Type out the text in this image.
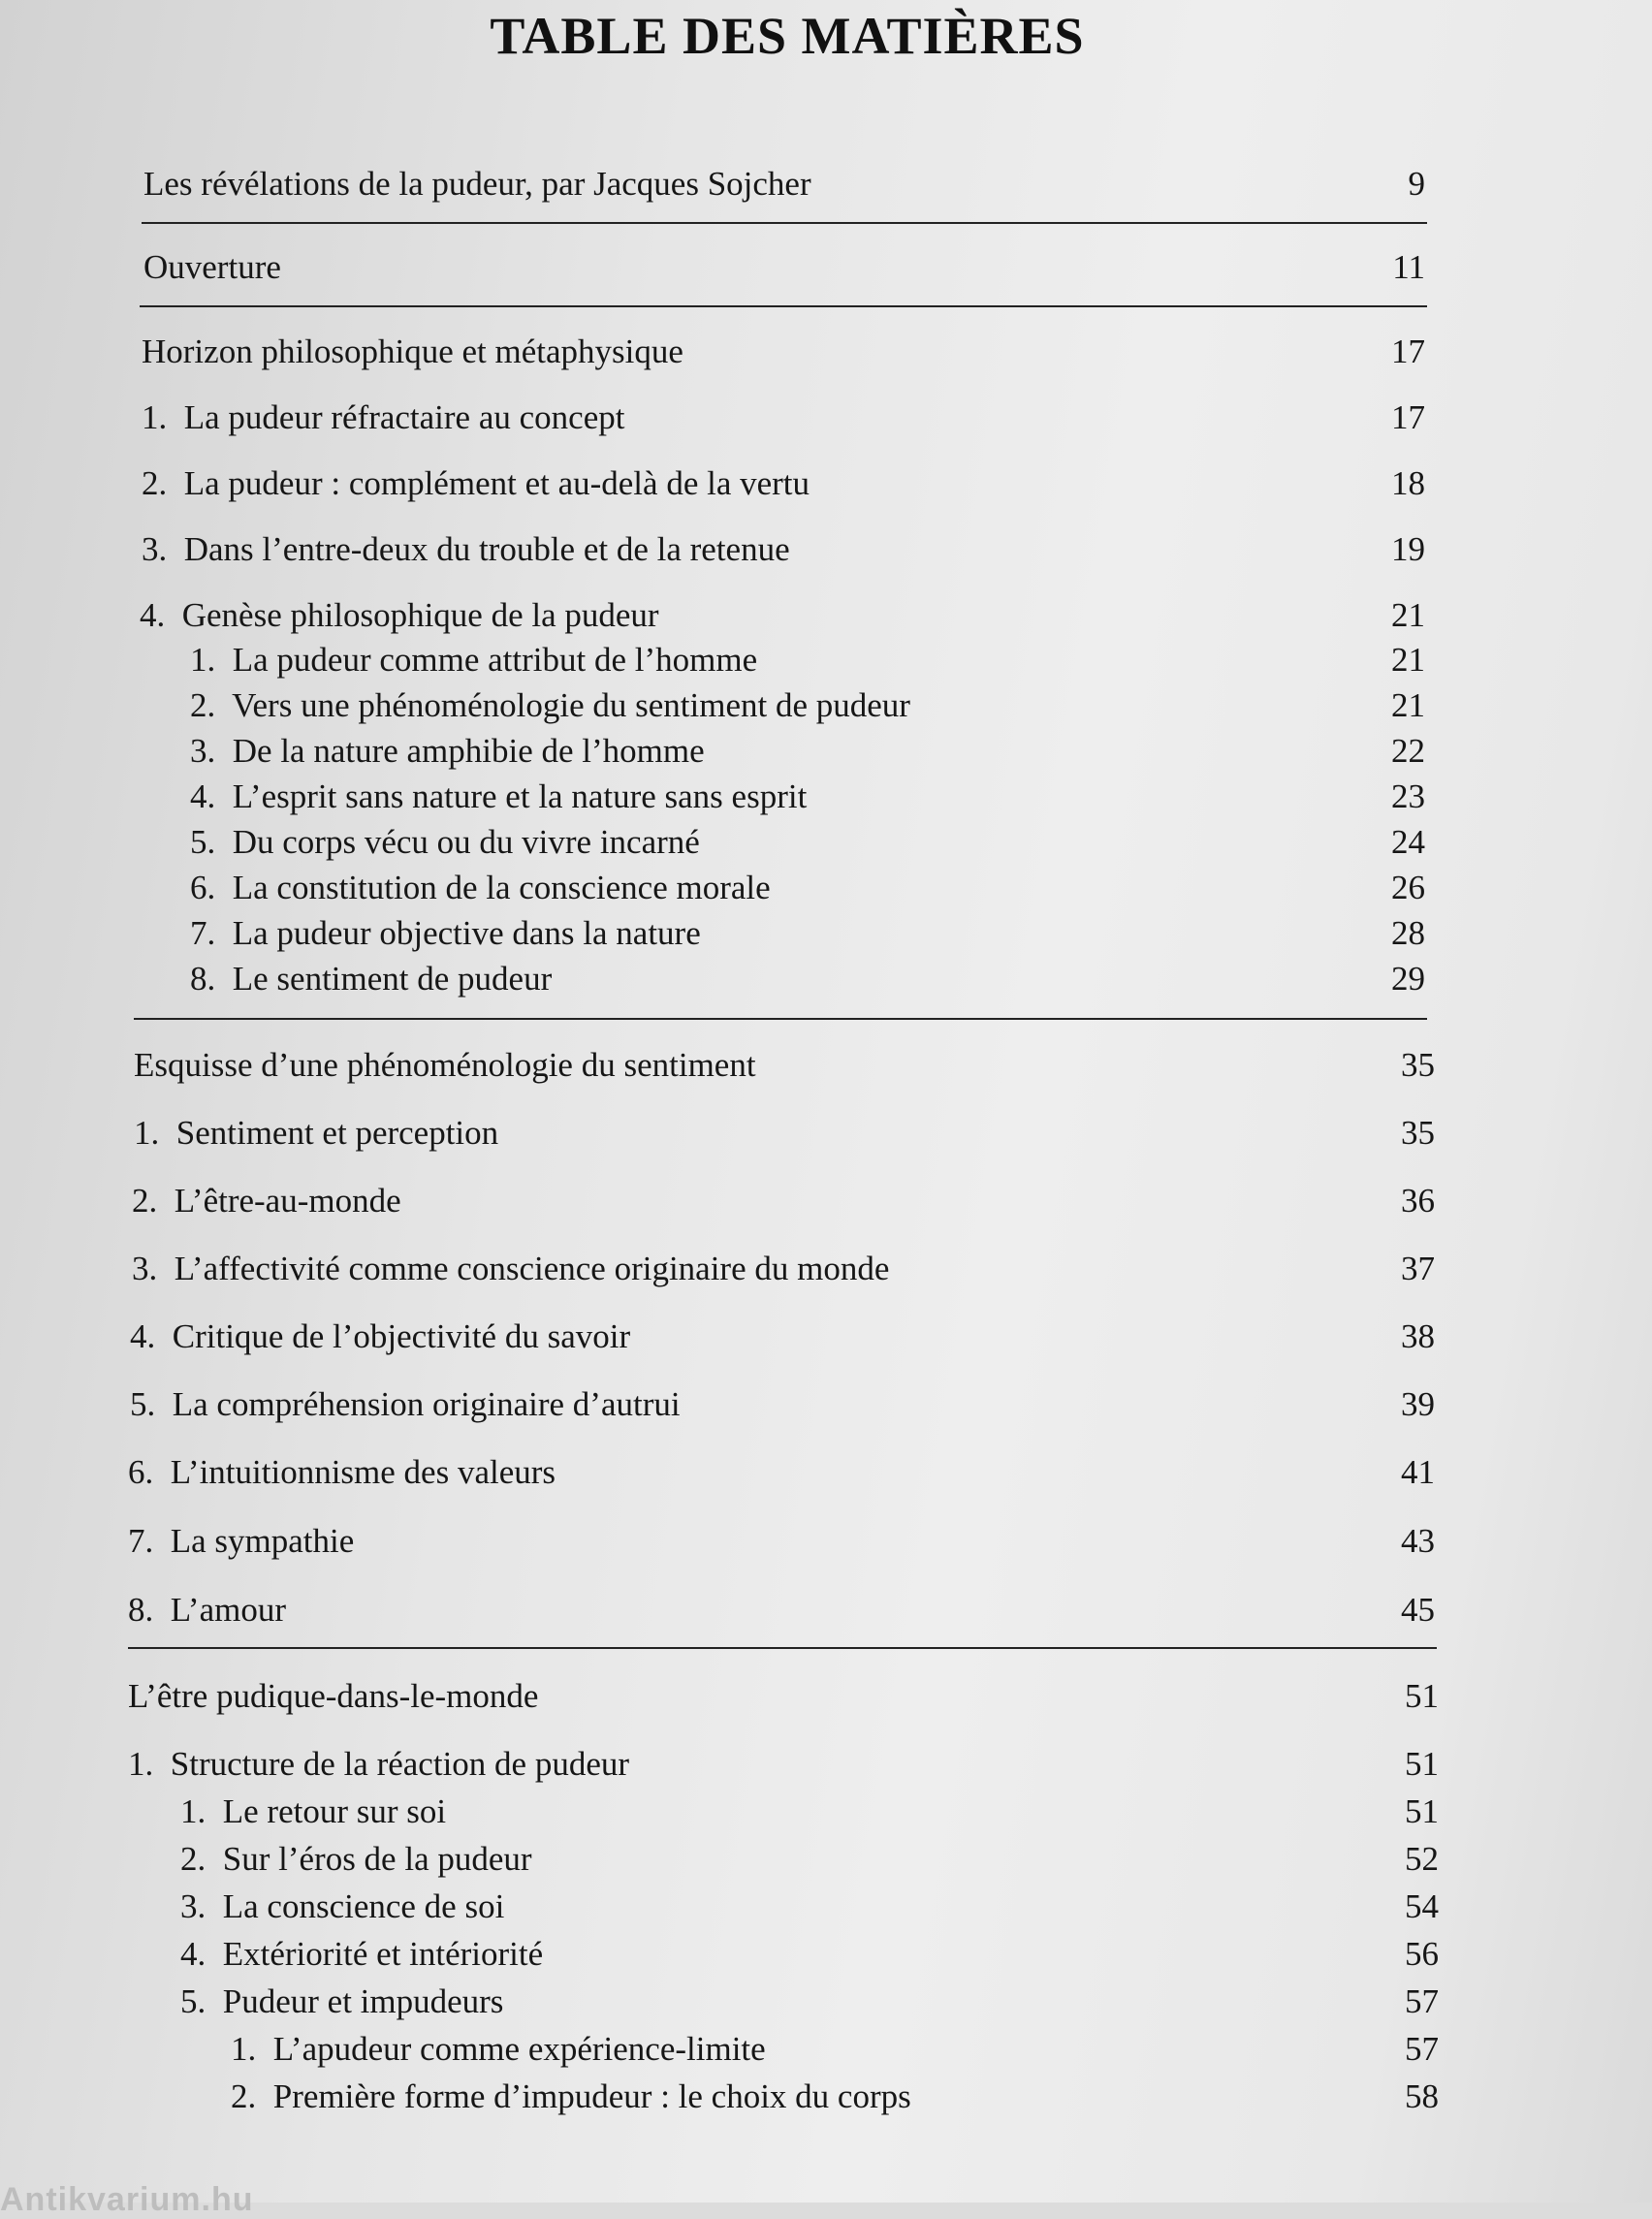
TABLE DES MATIÈRES
Les révélations de la pudeur, par Jacques Sojcher	9
Ouverture	11
Horizon philosophique et métaphysique	17
1. La pudeur réfractaire au concept	17
2. La pudeur : complément et au-delà de la vertu	18
3. Dans l’entre-deux du trouble et de la retenue	19
4. Genèse philosophique de la pudeur	21
1. La pudeur comme attribut de l’homme	21
2. Vers une phénoménologie du sentiment de pudeur	21
3. De la nature amphibie de l’homme	22
4. L’esprit sans nature et la nature sans esprit	23
5. Du corps vécu ou du vivre incarné	24
6. La constitution de la conscience morale	26
7. La pudeur objective dans la nature	28
8. Le sentiment de pudeur	29
Esquisse d’une phénoménologie du sentiment	35
1. Sentiment et perception	35
2. L’être-au-monde	36
3. L’affectivité comme conscience originaire du monde	37
4. Critique de l’objectivité du savoir	38
5. La compréhension originaire d’autrui	39
6. L’intuitionnisme des valeurs	41
7. La sympathie	43
8. L’amour	45
L’être pudique-dans-le-monde	51
1. Structure de la réaction de pudeur	51
1. Le retour sur soi	51
2. Sur l’éros de la pudeur	52
3. La conscience de soi	54
4. Extériorité et intériorité	56
5. Pudeur et impudeurs	57
1. L’apudeur comme expérience-limite	57
2. Première forme d’impudeur : le choix du corps	58
Antikvarium.hu
